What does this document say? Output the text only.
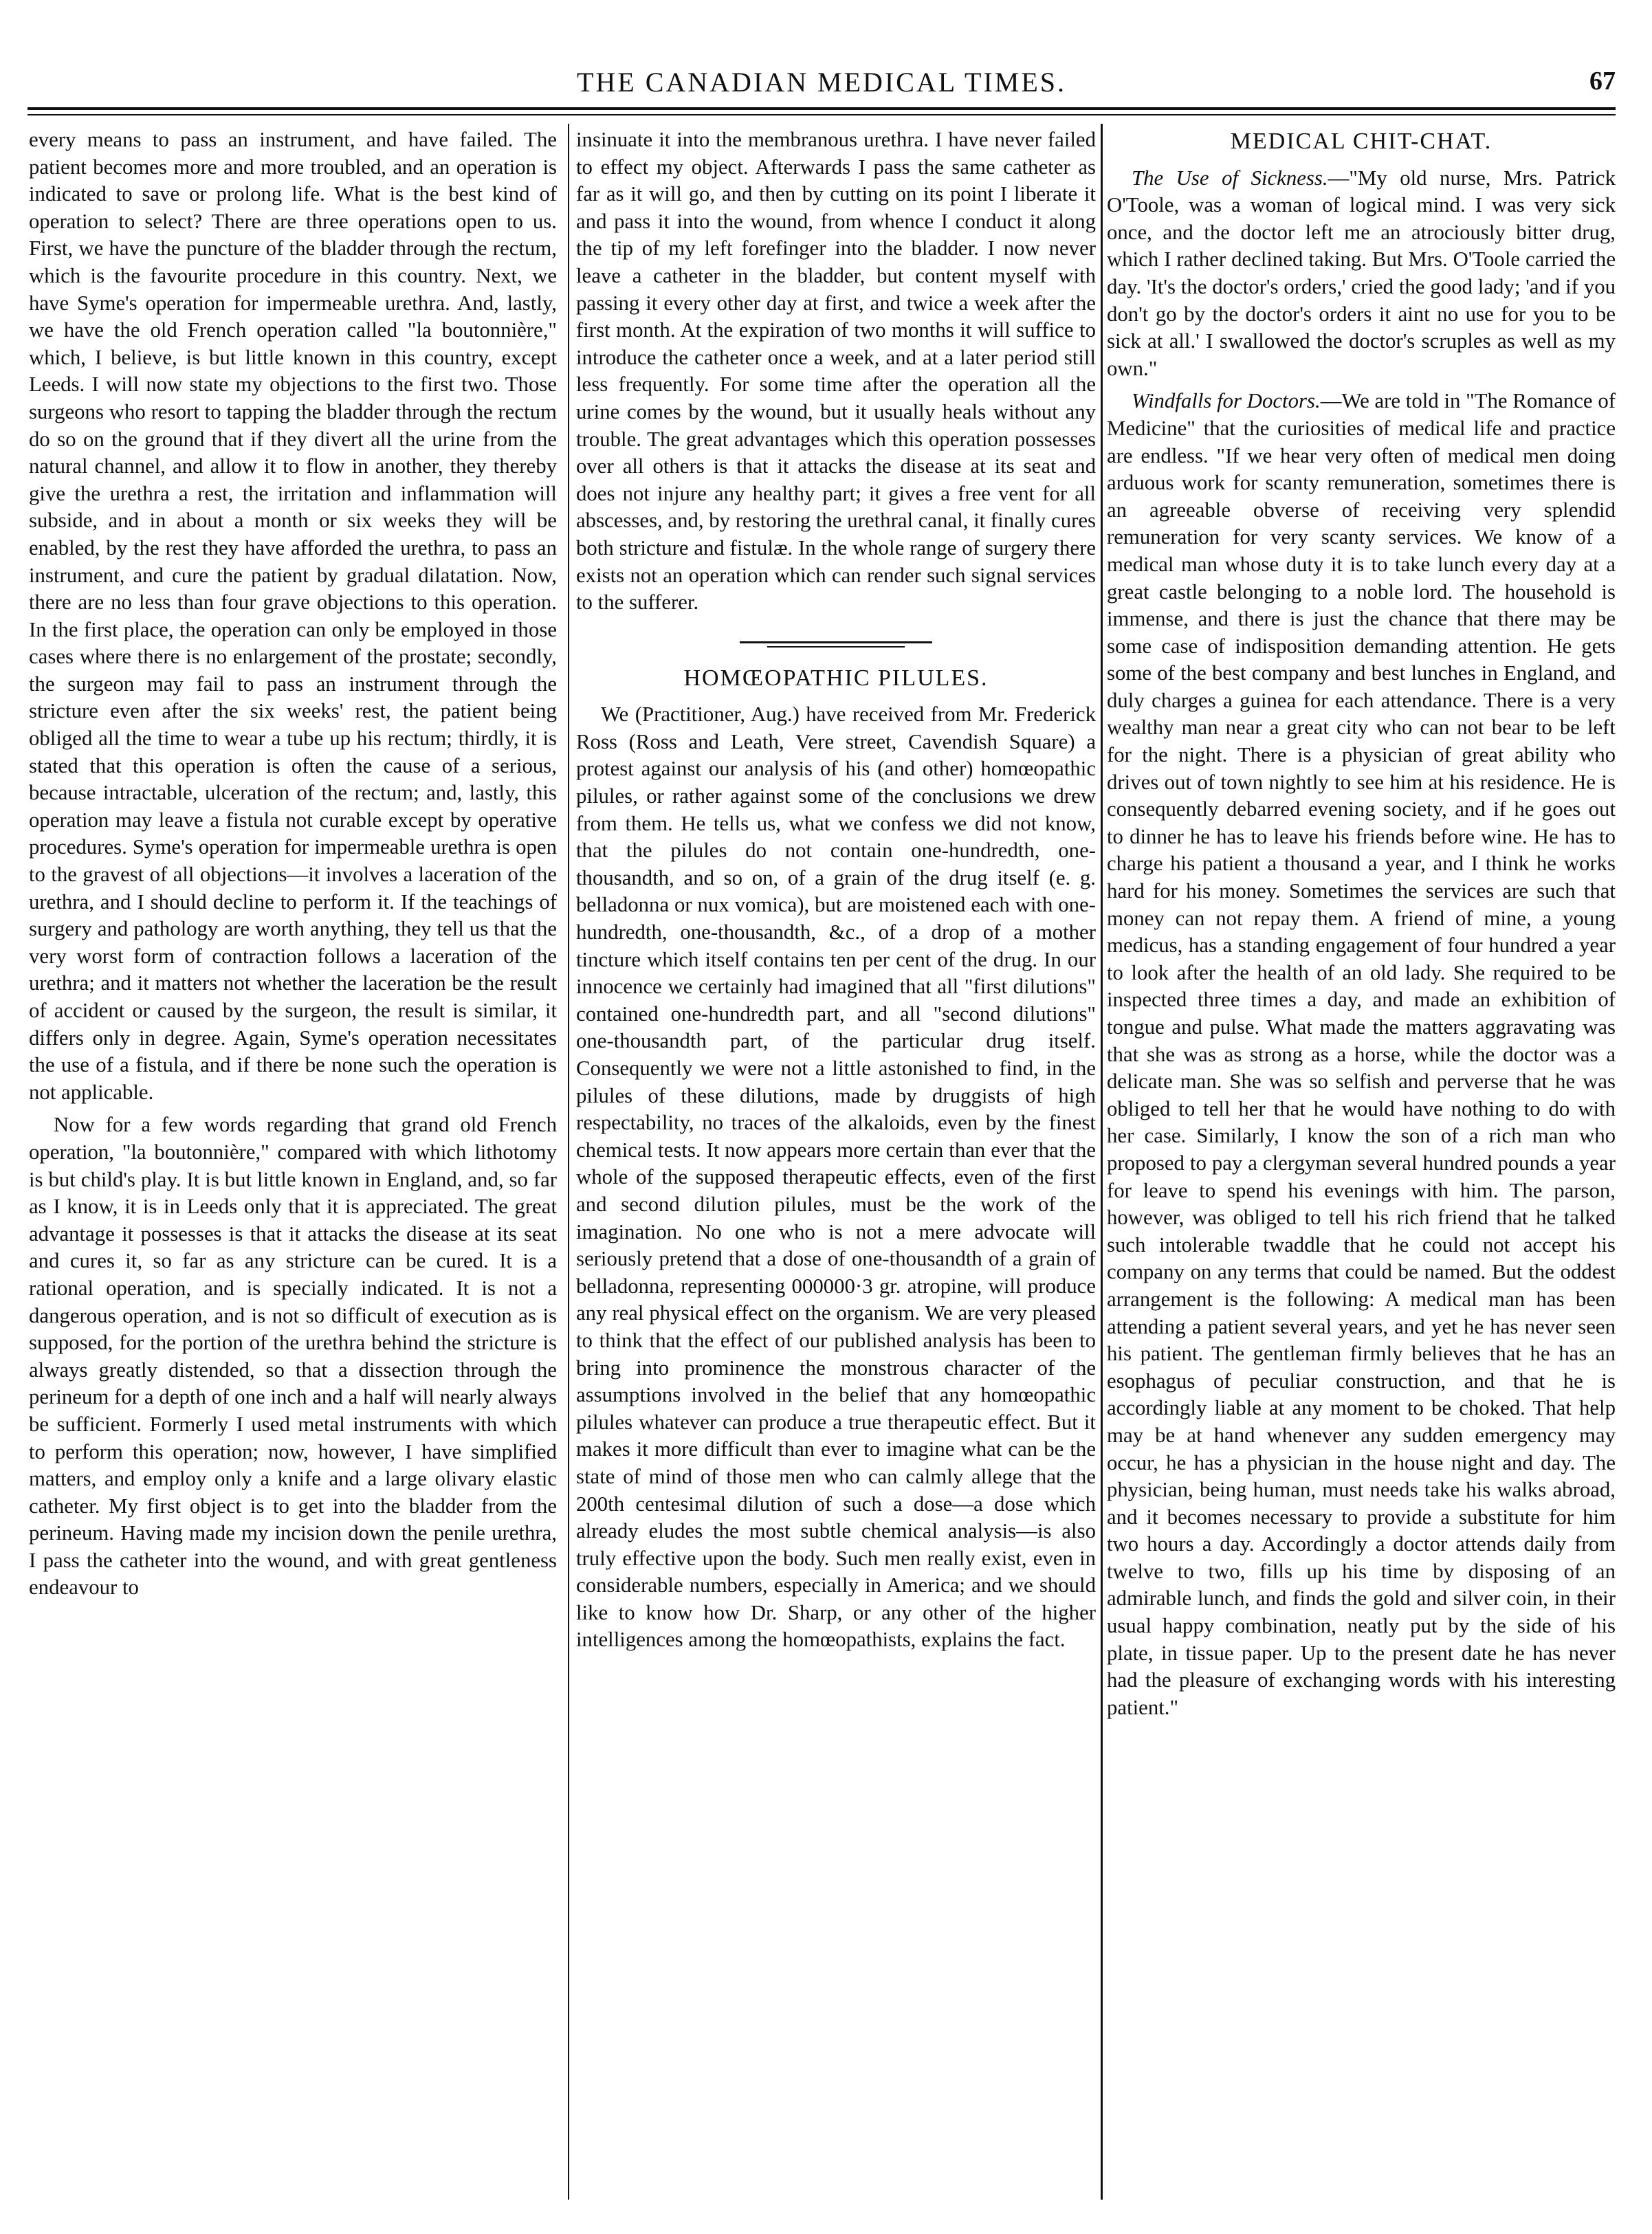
THE CANADIAN MEDICAL TIMES.	67

every means to pass an instrument, and have failed. The patient becomes more and more troubled, and an operation is indicated to save or prolong life. What is the best kind of operation to select? There are three operations open to us. First, we have the puncture of the bladder through the rectum, which is the favourite procedure in this country. Next, we have Syme's operation for impermeable urethra. And, lastly, we have the old French operation called "la boutonnière," which, I believe, is but little known in this country, except Leeds. I will now state my objections to the first two. Those surgeons who resort to tapping the bladder through the rectum do so on the ground that if they divert all the urine from the natural channel, and allow it to flow in another, they thereby give the urethra a rest, the irritation and inflammation will subside, and in about a month or six weeks they will be enabled, by the rest they have afforded the urethra, to pass an instrument, and cure the patient by gradual dilatation. Now, there are no less than four grave objections to this operation. In the first place, the operation can only be employed in those cases where there is no enlargement of the prostate; secondly, the surgeon may fail to pass an instrument through the stricture even after the six weeks' rest, the patient being obliged all the time to wear a tube up his rectum; thirdly, it is stated that this operation is often the cause of a serious, because intractable, ulceration of the rectum; and, lastly, this operation may leave a fistula not curable except by operative procedures. Syme's operation for impermeable urethra is open to the gravest of all objections—it involves a laceration of the urethra, and I should decline to perform it. If the teachings of surgery and pathology are worth anything, they tell us that the very worst form of contraction follows a laceration of the urethra; and it matters not whether the laceration be the result of accident or caused by the surgeon, the result is similar, it differs only in degree. Again, Syme's operation necessitates the use of a fistula, and if there be none such the operation is not applicable.

Now for a few words regarding that grand old French operation, "la boutonnière," compared with which lithotomy is but child's play. It is but little known in England, and, so far as I know, it is in Leeds only that it is appreciated. The great advantage it possesses is that it attacks the disease at its seat and cures it, so far as any stricture can be cured. It is a rational operation, and is specially indicated. It is not a dangerous operation, and is not so difficult of execution as is supposed, for the portion of the urethra behind the stricture is always greatly distended, so that a dissection through the perineum for a depth of one inch and a half will nearly always be sufficient. Formerly I used metal instruments with which to perform this operation; now, however, I have simplified matters, and employ only a knife and a large olivary elastic catheter. My first object is to get into the bladder from the perineum. Having made my incision down the penile urethra, I pass the catheter into the wound, and with great gentleness endeavour to

insinuate it into the membranous urethra. I have never failed to effect my object. Afterwards I pass the same catheter as far as it will go, and then by cutting on its point I liberate it and pass it into the wound, from whence I conduct it along the tip of my left forefinger into the bladder. I now never leave a catheter in the bladder, but content myself with passing it every other day at first, and twice a week after the first month. At the expiration of two months it will suffice to introduce the catheter once a week, and at a later period still less frequently. For some time after the operation all the urine comes by the wound, but it usually heals without any trouble. The great advantages which this operation possesses over all others is that it attacks the disease at its seat and does not injure any healthy part; it gives a free vent for all abscesses, and, by restoring the urethral canal, it finally cures both stricture and fistulæ. In the whole range of surgery there exists not an operation which can render such signal services to the sufferer.

HOMŒOPATHIC PILULES.

We (Practitioner, Aug.) have received from Mr. Frederick Ross (Ross and Leath, Vere street, Cavendish Square) a protest against our analysis of his (and other) homœopathic pilules, or rather against some of the conclusions we drew from them. He tells us, what we confess we did not know, that the pilules do not contain one-hundredth, one-thousandth, and so on, of a grain of the drug itself (e. g. belladonna or nux vomica), but are moistened each with one-hundredth, one-thousandth, &c., of a drop of a mother tincture which itself contains ten per cent of the drug. In our innocence we certainly had imagined that all "first dilutions" contained one-hundredth part, and all "second dilutions" one-thousandth part, of the particular drug itself. Consequently we were not a little astonished to find, in the pilules of these dilutions, made by druggists of high respectability, no traces of the alkaloids, even by the finest chemical tests. It now appears more certain than ever that the whole of the supposed therapeutic effects, even of the first and second dilution pilules, must be the work of the imagination. No one who is not a mere advocate will seriously pretend that a dose of one-thousandth of a grain of belladonna, representing 000000·3 gr. atropine, will produce any real physical effect on the organism. We are very pleased to think that the effect of our published analysis has been to bring into prominence the monstrous character of the assumptions involved in the belief that any homœopathic pilules whatever can produce a true therapeutic effect. But it makes it more difficult than ever to imagine what can be the state of mind of those men who can calmly allege that the 200th centesimal dilution of such a dose—a dose which already eludes the most subtle chemical analysis—is also truly effective upon the body. Such men really exist, even in considerable numbers, especially in America; and we should like to know how Dr. Sharp, or any other of the higher intelligences among the homœopathists, explains the fact.

MEDICAL CHIT-CHAT.

The Use of Sickness.—"My old nurse, Mrs. Patrick O'Toole, was a woman of logical mind. I was very sick once, and the doctor left me an atrociously bitter drug, which I rather declined taking. But Mrs. O'Toole carried the day. 'It's the doctor's orders,' cried the good lady; 'and if you don't go by the doctor's orders it aint no use for you to be sick at all.' I swallowed the doctor's scruples as well as my own."

Windfalls for Doctors.—We are told in "The Romance of Medicine" that the curiosities of medical life and practice are endless. "If we hear very often of medical men doing arduous work for scanty remuneration, sometimes there is an agreeable obverse of receiving very splendid remuneration for very scanty services. We know of a medical man whose duty it is to take lunch every day at a great castle belonging to a noble lord. The household is immense, and there is just the chance that there may be some case of indisposition demanding attention. He gets some of the best company and best lunches in England, and duly charges a guinea for each attendance. There is a very wealthy man near a great city who can not bear to be left for the night. There is a physician of great ability who drives out of town nightly to see him at his residence. He is consequently debarred evening society, and if he goes out to dinner he has to leave his friends before wine. He has to charge his patient a thousand a year, and I think he works hard for his money. Sometimes the services are such that money can not repay them. A friend of mine, a young medicus, has a standing engagement of four hundred a year to look after the health of an old lady. She required to be inspected three times a day, and made an exhibition of tongue and pulse. What made the matters aggravating was that she was as strong as a horse, while the doctor was a delicate man. She was so selfish and perverse that he was obliged to tell her that he would have nothing to do with her case. Similarly, I know the son of a rich man who proposed to pay a clergyman several hundred pounds a year for leave to spend his evenings with him. The parson, however, was obliged to tell his rich friend that he talked such intolerable twaddle that he could not accept his company on any terms that could be named. But the oddest arrangement is the following: A medical man has been attending a patient several years, and yet he has never seen his patient. The gentleman firmly believes that he has an esophagus of peculiar construction, and that he is accordingly liable at any moment to be choked. That help may be at hand whenever any sudden emergency may occur, he has a physician in the house night and day. The physician, being human, must needs take his walks abroad, and it becomes necessary to provide a substitute for him two hours a day. Accordingly a doctor attends daily from twelve to two, fills up his time by disposing of an admirable lunch, and finds the gold and silver coin, in their usual happy combination, neatly put by the side of his plate, in tissue paper. Up to the present date he has never had the pleasure of exchanging words with his interesting patient."
